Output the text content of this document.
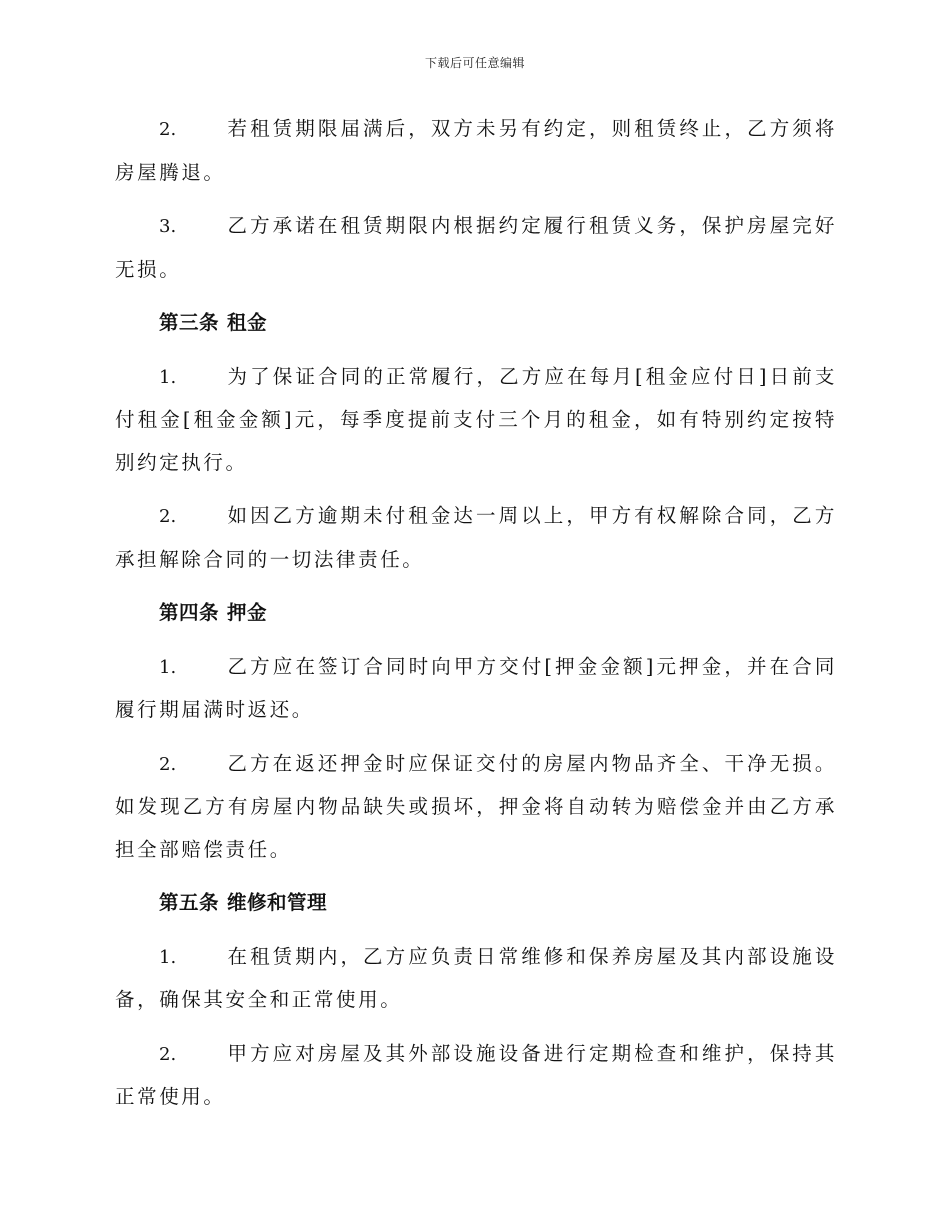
下载后可任意编辑

2.	若租赁期限届满后，双方未另有约定，则租赁终止，乙方须将房屋腾退。

3.	乙方承诺在租赁期限内根据约定履行租赁义务，保护房屋完好无损。

第三条 租金

1.	为了保证合同的正常履行，乙方应在每月[租金应付日]日前支付租金[租金金额]元，每季度提前支付三个月的租金，如有特别约定按特别约定执行。

2.	如因乙方逾期未付租金达一周以上，甲方有权解除合同，乙方承担解除合同的一切法律责任。

第四条 押金

1.	乙方应在签订合同时向甲方交付[押金金额]元押金，并在合同履行期届满时返还。

2.	乙方在返还押金时应保证交付的房屋内物品齐全、干净无损。如发现乙方有房屋内物品缺失或损坏，押金将自动转为赔偿金并由乙方承担全部赔偿责任。

第五条 维修和管理

1.	在租赁期内，乙方应负责日常维修和保养房屋及其内部设施设备，确保其安全和正常使用。

2.	甲方应对房屋及其外部设施设备进行定期检查和维护，保持其正常使用。
